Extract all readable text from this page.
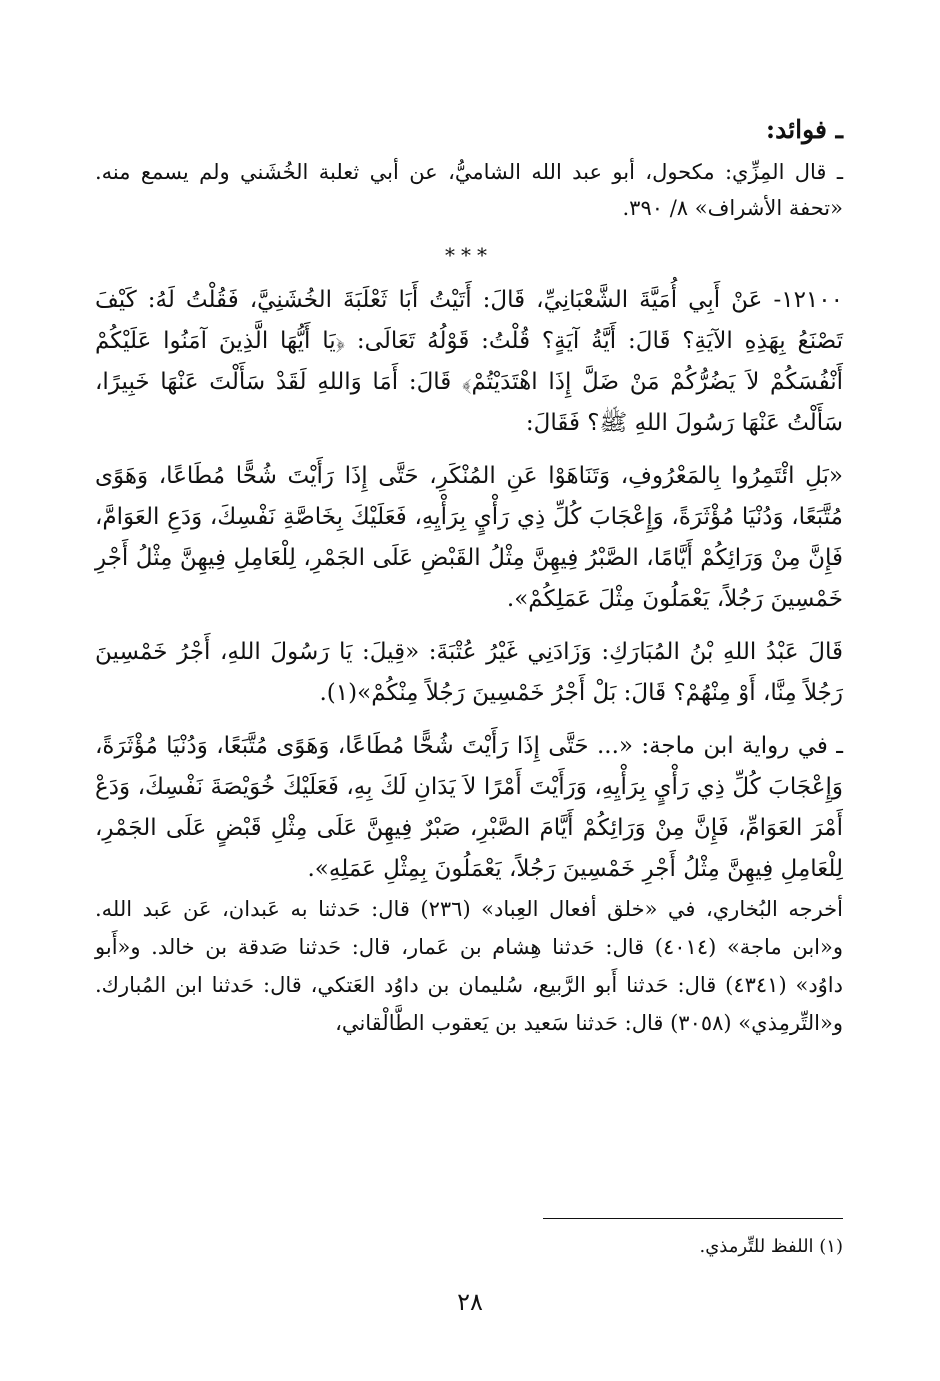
ـ فوائد:

ـ قال المِزِّي: مكحول، أبو عبد الله الشاميُّ، عن أبي ثعلبة الخُشَني ولم يسمع منه. «تحفة الأشراف» ٨/ ٣٩٠.

***

١٢١٠٠- عَنْ أَبِي أُمَيَّةَ الشَّعْبَانِيِّ، قَالَ: أَتَيْتُ أَبَا ثَعْلَبَةَ الخُشَنِيَّ، فَقُلْتُ لَهُ: كَيْفَ تَصْنَعُ بِهَذِهِ الآيَةِ؟ قَالَ: أَيَّةُ آيَةٍ؟ قُلْتُ: قَوْلُهُ تَعَالَى: ﴿يَا أَيُّهَا الَّذِينَ آمَنُوا عَلَيْكُمْ أَنْفُسَكُمْ لاَ يَضُرُّكُمْ مَنْ ضَلَّ إِذَا اهْتَدَيْتُمْ﴾ قَالَ: أَمَا وَاللهِ لَقَدْ سَأَلْتَ عَنْهَا خَبِيرًا، سَأَلْتُ عَنْهَا رَسُولَ اللهِ ﷺ؟ فَقَالَ:

«بَلِ ائْتَمِرُوا بِالمَعْرُوفِ، وَتَنَاهَوْا عَنِ المُنْكَرِ، حَتَّى إِذَا رَأَيْتَ شُحًّا مُطَاعًا، وَهَوًى مُتَّبَعًا، وَدُنْيَا مُؤْثَرَةً، وَإِعْجَابَ كُلِّ ذِي رَأْيٍ بِرَأْيِهِ، فَعَلَيْكَ بِخَاصَّةِ نَفْسِكَ، وَدَعِ العَوَامَّ، فَإِنَّ مِنْ وَرَائِكُمْ أَيَّامًا، الصَّبْرُ فِيهِنَّ مِثْلُ القَبْضِ عَلَى الجَمْرِ، لِلْعَامِلِ فِيهِنَّ مِثْلُ أَجْرِ خَمْسِينَ رَجُلاً، يَعْمَلُونَ مِثْلَ عَمَلِكُمْ».

قَالَ عَبْدُ اللهِ بْنُ المُبَارَكِ: وَزَادَنِي غَيْرُ عُتْبَةَ: «قِيلَ: يَا رَسُولَ اللهِ، أَجْرُ خَمْسِينَ رَجُلاً مِنَّا، أَوْ مِنْهُمْ؟ قَالَ: بَلْ أَجْرُ خَمْسِينَ رَجُلاً مِنْكُمْ»(١).

ـ في رواية ابن ماجة: «... حَتَّى إِذَا رَأَيْتَ شُحًّا مُطَاعًا، وَهَوًى مُتَّبَعًا، وَدُنْيَا مُؤْثَرَةً، وَإِعْجَابَ كُلِّ ذِي رَأْيٍ بِرَأْيِهِ، وَرَأَيْتَ أَمْرًا لاَ يَدَانِ لَكَ بِهِ، فَعَلَيْكَ خُوَيْصَةَ نَفْسِكَ، وَدَعْ أَمْرَ العَوَامِّ، فَإِنَّ مِنْ وَرَائِكُمْ أَيَّامَ الصَّبْرِ، صَبْرٌ فِيهِنَّ عَلَى مِثْلِ قَبْضٍ عَلَى الجَمْرِ، لِلْعَامِلِ فِيهِنَّ مِثْلُ أَجْرِ خَمْسِينَ رَجُلاً، يَعْمَلُونَ بِمِثْلِ عَمَلِهِ».

أخرجه البُخاري، في «خلق أفعال العِباد» (٢٣٦) قال: حَدثنا به عَبدان، عَن عَبد الله. و«ابن ماجة» (٤٠١٤) قال: حَدثنا هِشام بن عَمار، قال: حَدثنا صَدقة بن خالد. و«أَبو داوُد» (٤٣٤١) قال: حَدثنا أَبو الرَّبيع، سُليمان بن داوُد العَتكي، قال: حَدثنا ابن المُبارك. و«التِّرمِذي» (٣٠٥٨) قال: حَدثنا سَعيد بن يَعقوب الطَّالْقاني،

(١) اللفظ للتِّرمذي.

٢٨
